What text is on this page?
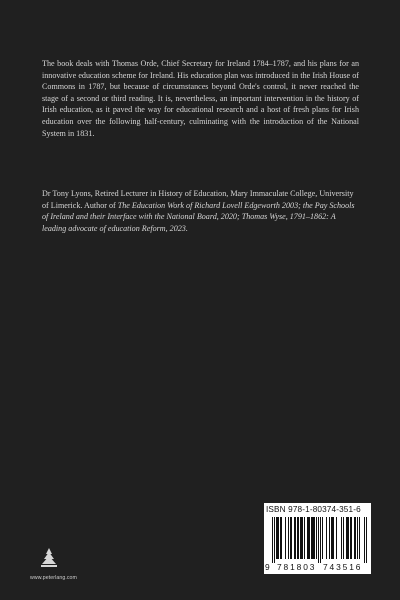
The book deals with Thomas Orde, Chief Secretary for Ireland 1784–1787, and his plans for an innovative education scheme for Ireland. His education plan was introduced in the Irish House of Commons in 1787, but because of circumstances beyond Orde's control, it never reached the stage of a second or third reading. It is, nevertheless, an important intervention in the history of Irish education, as it paved the way for educational research and a host of fresh plans for Irish education over the following half-century, culminating with the introduction of the National System in 1831.

Dr Tony Lyons, Retired Lecturer in History of Education, Mary Immaculate College, University of Limerick. Author of The Education Work of Richard Lovell Edgeworth 2003; the Pay Schools of Ireland and their Interface with the National Board, 2020; Thomas Wyse, 1791–1862: A leading advocate of education Reform, 2023.

www.peterlang.com
ISBN 978-1-80374-351-6
9 781803 743516
